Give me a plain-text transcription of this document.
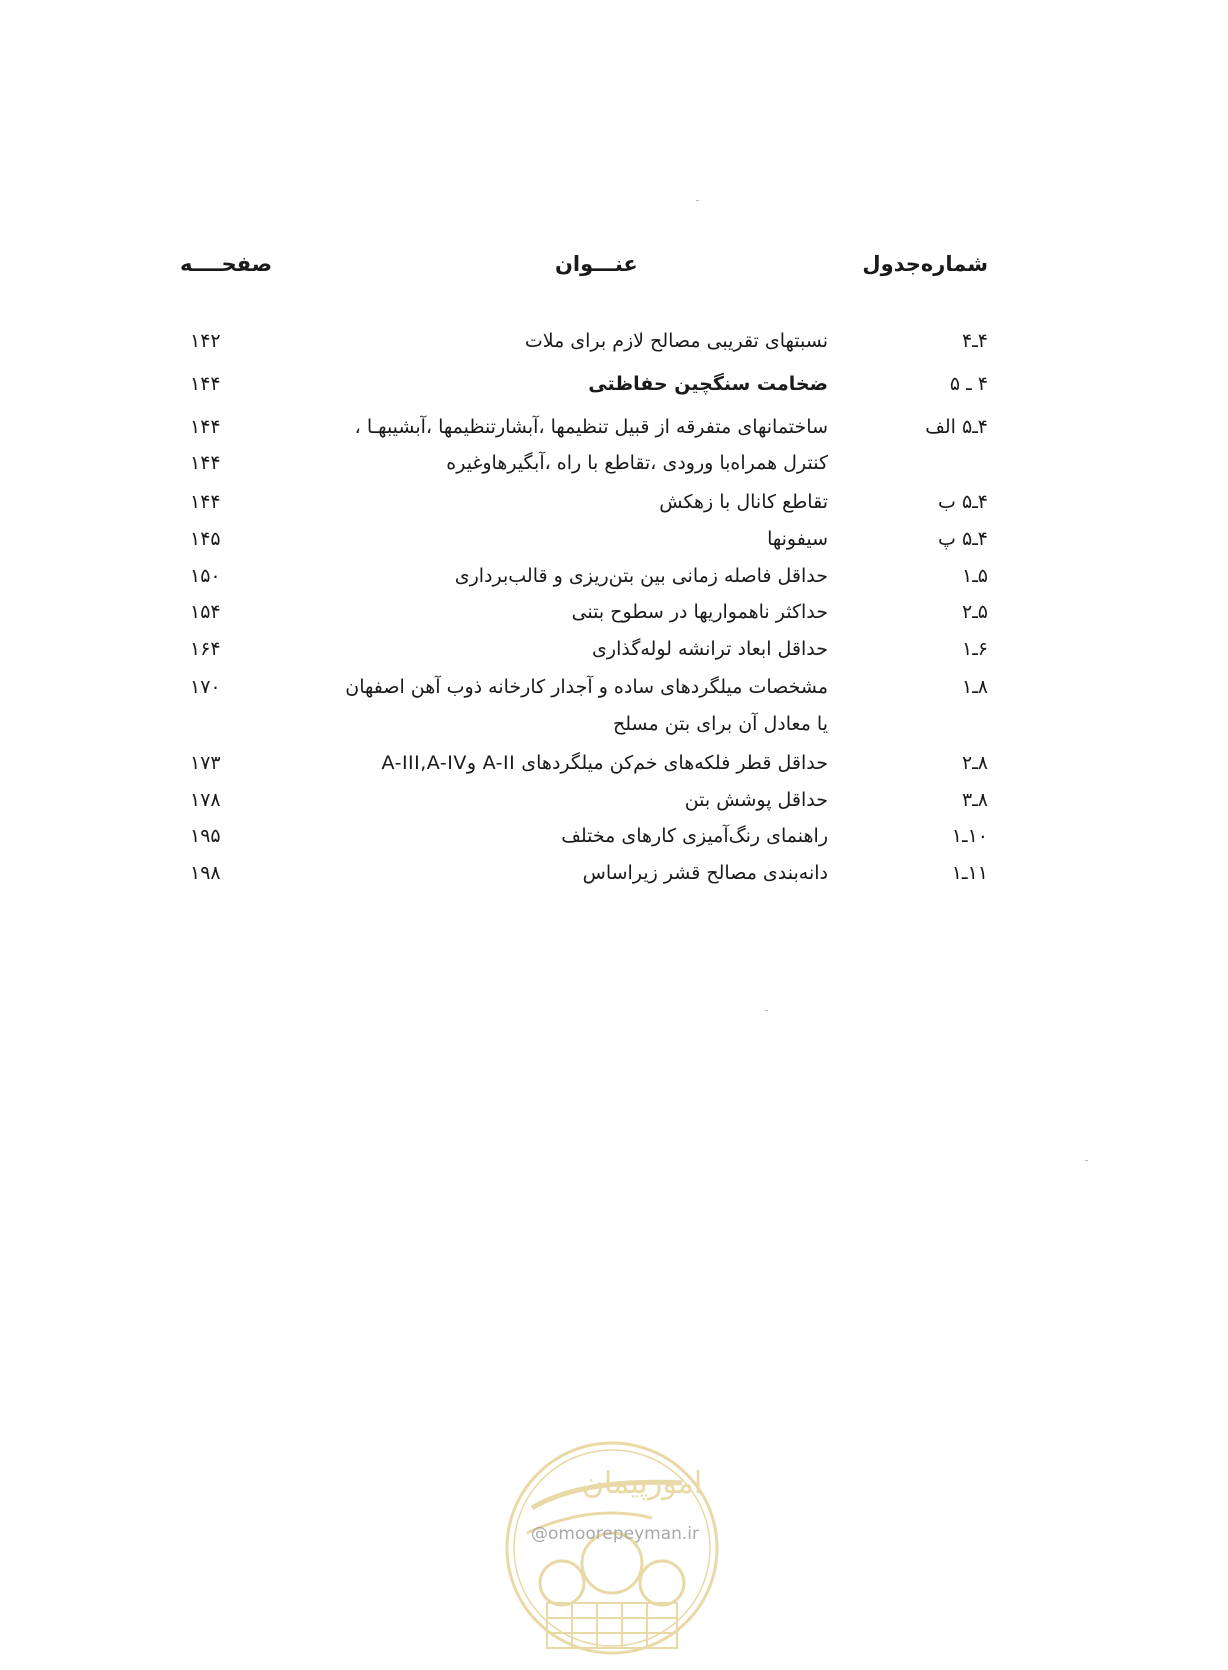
شماره‌جدول
عنـــوان
صفحــــه
۴ـ۴
نسبتهای تقریبی مصالح لازم برای ملات
۱۴۲
۴ ـ ۵
ضخامت سنگچین حفاظتی
۱۴۴
۴ـ۵ الف
ساختمانهای متفرقه از قبیل تنظیمها ،آبشارتنظیمها ،آبشیبهـا ،
۱۴۴
کنترل همراه‌با ورودی ،تقاطع با راه ،آبگیرهاوغیره
۱۴۴
۴ـ۵ ب
تقاطع کانال با زهکش
۱۴۴
۴ـ۵ پ
سیفونها
۱۴۵
۵ـ۱
حداقل فاصله زمانی بین بتن‌ریزی و قالب‌برداری
۱۵۰
۵ـ۲
حداکثر ناهمواریها در سطوح بتنی
۱۵۴
۶ـ۱
حداقل ابعاد ترانشه لوله‌گذاری
۱۶۴
۸ـ۱
مشخصات میلگردهای ساده و آجدار کارخانه ذوب آهن اصفهان
۱۷۰
یا معادل آن برای بتن مسلح
۸ـ۲
حداقل قطر فلکه‌های خم‌کن میلگردهای A-II وA-III,A-IV
۱۷۳
۸ـ۳
حداقل پوشش بتن
۱۷۸
۱۰ـ۱
راهنمای رنگ‌آمیزی کارهای مختلف
۱۹۵
۱۱ـ۱
دانه‌بندی مصالح قشر زیراساس
۱۹۸
امورپیمان
@omoorepeyman.ir
